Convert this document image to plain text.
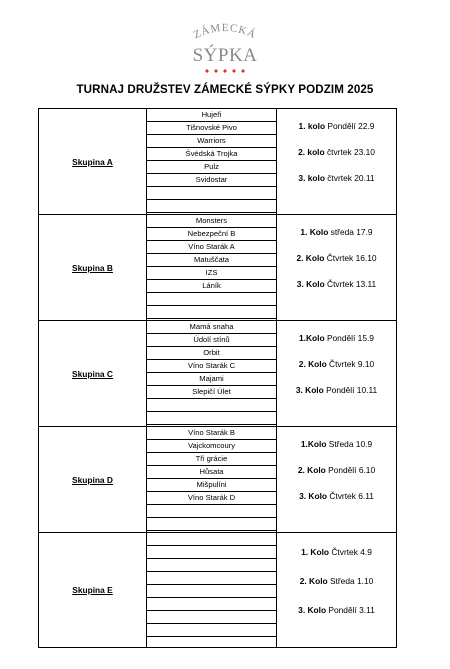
ZÁMECKÁ
SÝPKA
TURNAJ DRUŽSTEV ZÁMECKÉ SÝPKY PODZIM 2025
Skupina A
Hujeři
Tišnovské Pivo
Warriors
Švédská Trojka
Pulz
Svidostar
1. kolo Pondělí 22.9
2. kolo čtvrtek 23.10
3. kolo čtvrtek 20.11
Skupina B
Monsters
Nebezpeční B
Víno Starák A
Matuščata
IZS
Láník
1. Kolo středa 17.9
2. Kolo Čtvrtek 16.10
3. Kolo Čtvrtek 13.11
Skupina C
Mamá snaha
Údolí stínů
Orbit
Víno Starák C
Majami
Slepičí Úlet
1.Kolo Pondělí 15.9
2. Kolo Čtvrtek 9.10
3. Kolo Pondělí 10.11
Skupina D
Víno Starák B
Vajckomcoury
Tři grácie
Hůsata
Mišpulíni
Víno Starák D
1.Kolo Středa 10.9
2. Kolo Pondělí 6.10
3. Kolo Čtvrtek 6.11
Skupina E
1. Kolo Čtvrtek 4.9
2. Kolo Středa 1.10
3. Kolo Pondělí 3.11
